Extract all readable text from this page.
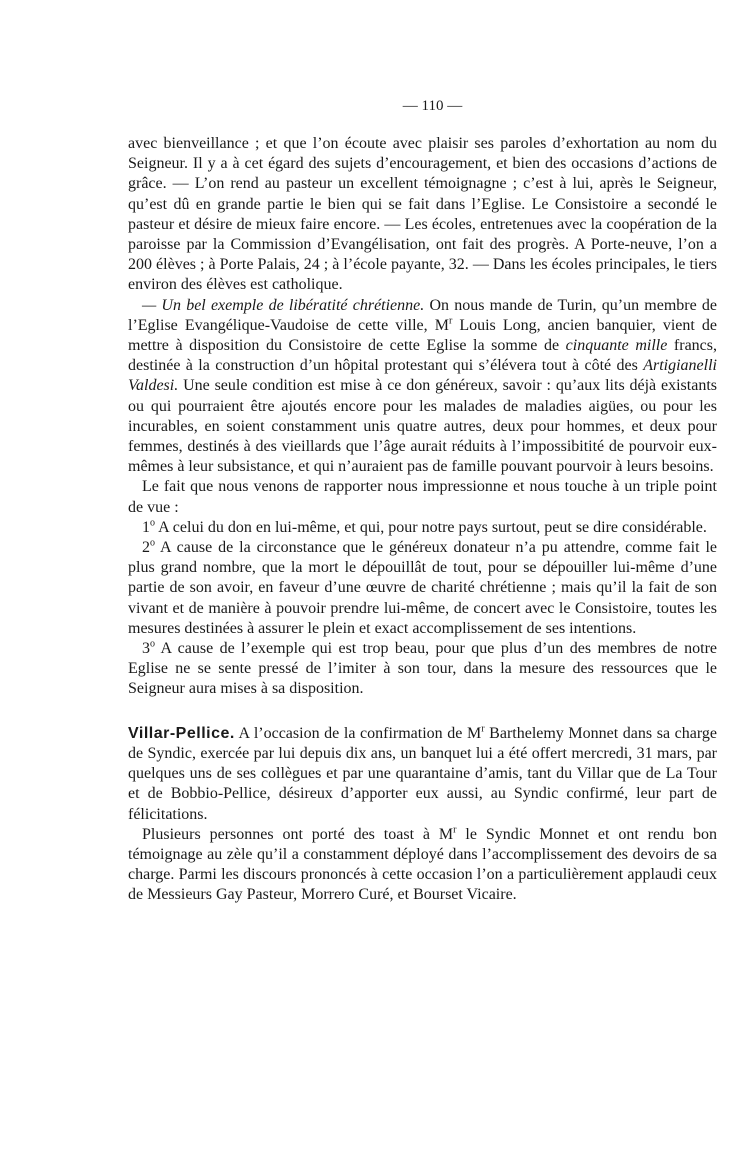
— 110 —

avec bienveillance ; et que l’on écoute avec plaisir ses paroles d’exhortation au nom du Seigneur. Il y a à cet égard des sujets d’encouragement, et bien des occasions d’actions de grâce. — L’on rend au pasteur un excellent témoignagne ; c’est à lui, après le Seigneur, qu’est dû en grande partie le bien qui se fait dans l’Eglise. Le Consistoire a secondé le pasteur et désire de mieux faire encore. — Les écoles, entretenues avec la coopération de la paroisse par la Commission d’Evangélisation, ont fait des progrès. A Porte-neuve, l’on a 200 élèves ; à Porte Palais, 24 ; à l’école payante, 32. — Dans les écoles principales, le tiers environ des élèves est catholique.

— Un bel exemple de libératité chrétienne. On nous mande de Turin, qu’un membre de l’Eglise Evangélique-Vaudoise de cette ville, $M^r$ Louis Long, ancien banquier, vient de mettre à disposition du Consistoire de cette Eglise la somme de cinquante mille francs, destinée à la construction d’un hôpital protestant qui s’élévera tout à côté des Artigianelli Valdesi. Une seule condition est mise à ce don généreux, savoir : qu’aux lits déjà existants ou qui pourraient être ajoutés encore pour les malades de maladies aigües, ou pour les incurables, en soient constamment unis quatre autres, deux pour hommes, et deux pour femmes, destinés à des vieillards que l’âge aurait réduits à l’impossibitité de pourvoir eux-mêmes à leur subsistance, et qui n’auraient pas de famille pouvant pourvoir à leurs besoins.

Le fait que nous venons de rapporter nous impressionne et nous touche à un triple point de vue :

1$^o$ A celui du don en lui-même, et qui, pour notre pays surtout, peut se dire considérable.

2$^o$ A cause de la circonstance que le généreux donateur n’a pu attendre, comme fait le plus grand nombre, que la mort le dépouillât de tout, pour se dépouiller lui-même d’une partie de son avoir, en faveur d’une œuvre de charité chrétienne ; mais qu’il la fait de son vivant et de manière à pouvoir prendre lui-même, de concert avec le Consistoire, toutes les mesures destinées à assurer le plein et exact accomplissement de ses intentions.

3$^o$ A cause de l’exemple qui est trop beau, pour que plus d’un des membres de notre Eglise ne se sente pressé de l’imiter à son tour, dans la mesure des ressources que le Seigneur aura mises à sa disposition.

Villar-Pellice. A l’occasion de la confirmation de $M^r$ Barthelemy Monnet dans sa charge de Syndic, exercée par lui depuis dix ans, un banquet lui a été offert mercredi, 31 mars, par quelques uns de ses collègues et par une quarantaine d’amis, tant du Villar que de La Tour et de Bobbio-Pellice, désireux d’apporter eux aussi, au Syndic confirmé, leur part de félicitations.

Plusieurs personnes ont porté des toast à $M^r$ le Syndic Monnet et ont rendu bon témoignage au zèle qu’il a constamment déployé dans l’accomplissement des devoirs de sa charge. Parmi les discours prononcés à cette occasion l’on a particulièrement applaudi ceux de Messieurs Gay Pasteur, Morrero Curé, et Bourset Vicaire.
